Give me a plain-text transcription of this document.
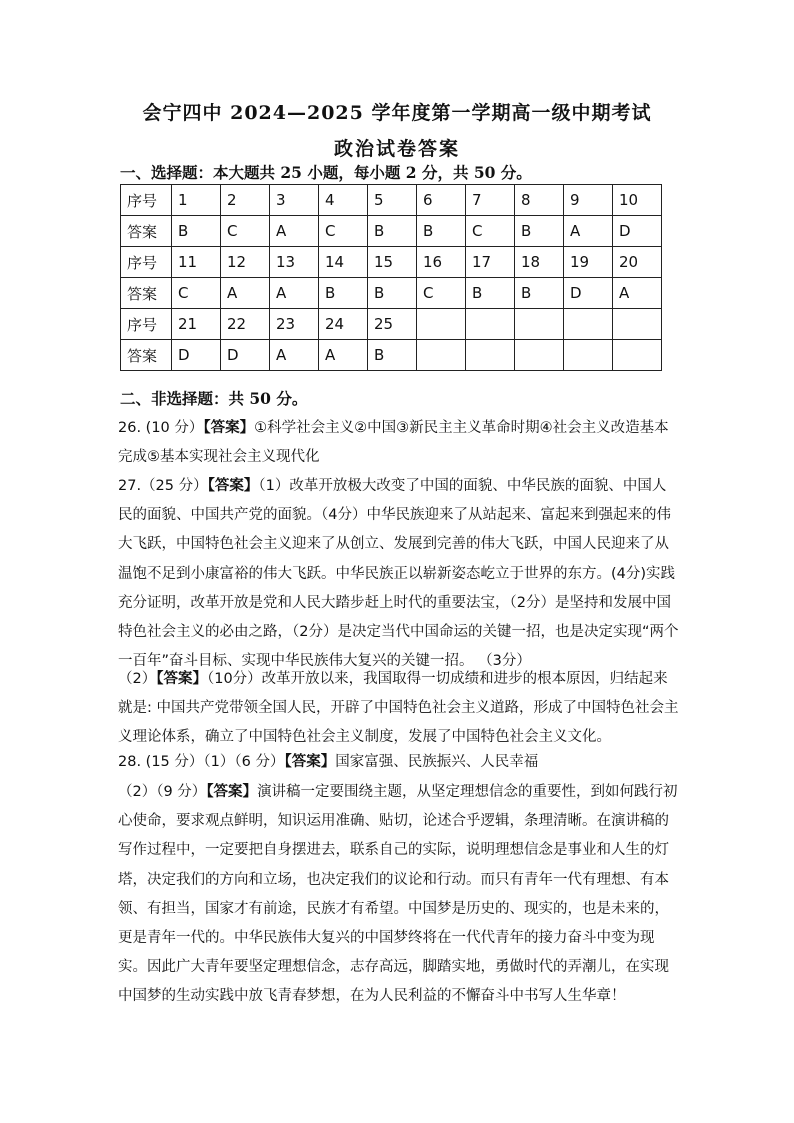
会宁四中 2024—2025 学年度第一学期高一级中期考试
政治试卷答案
一、选择题：本大题共 25 小题，每小题 2 分，共 50 分。
序号	1	2	3	4	5	6	7	8	9	10
答案	B	C	A	C	B	B	C	B	A	D
序号	11	12	13	14	15	16	17	18	19	20
答案	C	A	A	B	B	C	B	B	D	A
序号	21	22	23	24	25					
答案	D	D	A	A	B					
二、非选择题：共 50 分。
26. (10 分）【答案】①科学社会主义②中国③新民主主义革命时期④社会主义改造基本完成⑤基本实现社会主义现代化
27.（25 分）【答案】（1）改革开放极大改变了中国的面貌、中华民族的面貌、中国人民的面貌、中国共产党的面貌。（4分）中华民族迎来了从站起来、富起来到强起来的伟大飞跃，中国特色社会主义迎来了从创立、发展到完善的伟大飞跃，中国人民迎来了从温饱不足到小康富裕的伟大飞跃。中华民族正以崭新姿态屹立于世界的东方。(4分)实践充分证明，改革开放是党和人民大踏步赶上时代的重要法宝，（2分）是坚持和发展中国特色社会主义的必由之路，（2分）是决定当代中国命运的关键一招，也是决定实现“两个一百年”奋斗目标、实现中华民族伟大复兴的关键一招。 （3分）
（2）【答案】（10分）改革开放以来，我国取得一切成绩和进步的根本原因，归结起来就是: 中国共产党带领全国人民，开辟了中国特色社会主义道路，形成了中国特色社会主义理论体系，确立了中国特色社会主义制度，发展了中国特色社会主义文化。
28. (15 分）（1）（6 分）【答案】国家富强、民族振兴、人民幸福
（2）（9 分）【答案】演讲稿一定要围绕主题，从坚定理想信念的重要性，到如何践行初心使命，要求观点鲜明，知识运用准确、贴切，论述合乎逻辑，条理清晰。在演讲稿的写作过程中，一定要把自身摆进去，联系自己的实际，说明理想信念是事业和人生的灯塔，决定我们的方向和立场，也决定我们的议论和行动。而只有青年一代有理想、有本领、有担当，国家才有前途，民族才有希望。中国梦是历史的、现实的，也是未来的，更是青年一代的。中华民族伟大复兴的中国梦终将在一代代青年的接力奋斗中变为现实。因此广大青年要坚定理想信念，志存高远，脚踏实地，勇做时代的弄潮儿，在实现中国梦的生动实践中放飞青春梦想，在为人民利益的不懈奋斗中书写人生华章！
